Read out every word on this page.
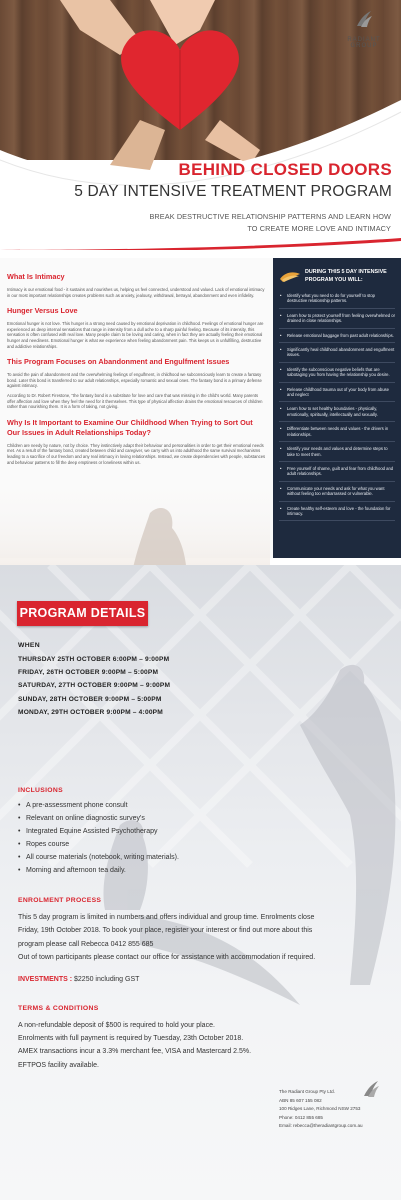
RADIANT GROUP
BEHIND CLOSED DOORS
5 DAY INTENSIVE TREATMENT PROGRAM
BREAK DESTRUCTIVE RELATIONSHIP PATTERNS AND LEARN HOW
TO CREATE MORE LOVE AND INTIMACY
What Is Intimacy

Intimacy is our emotional food - it sustains and nourishes us, helping us feel connected, understood and valued. Lack of emotional intimacy in our most important relationships creates problems such as anxiety, jealousy, withdrawal, betrayal, abandonment and even infidelity.

Hunger Versus Love

Emotional hunger is not love. This hunger is a strong need caused by emotional deprivation in childhood. Feelings of emotional hunger are experienced as deep internal sensations that range in intensity from a dull ache to a sharp painful feeling. Because of its intensity, this sensation is often confused with real love. Many people claim to be loving and caring, when in fact they are actually feeling their emotional hunger and neediness. Emotional hunger is what we experience when feeling abandonment pain. This keeps us in unfulfilling, destructive and addictive relationships.

This Program Focuses on Abandonment and Engulfment Issues

To avoid the pain of abandonment and the overwhelming feelings of engulfment, in childhood we subconsciously learn to create a fantasy bond. Later this bond is transferred to our adult relationships, especially romantic and sexual ones. The fantasy bond is a primary defense against intimacy.

According to Dr. Robert Firestone, "the fantasy bond is a substitute for love and care that was missing in the child's world. Many parents offer affection and love when they feel the need for it themselves. This type of physical affection drains the emotional resources of children rather than nourishing them. It is a form of taking, not giving.

Why Is It Important to Examine Our Childhood When Trying to Sort Out Our Issues in Adult Relationships Today?

Children are needy by nature, not by choice. They instinctively adapt their behaviour and personalities in order to get their emotional needs met. As a result of the fantasy bond, created between child and caregiver, we carry with us into adulthood the same survival mechanisms leading to a sacrifice of our freedom and any real intimacy in loving relationships. Instead, we create dependencies with people, substances and behaviour patterns to fill the deep emptiness or loneliness within us.

DURING THIS 5 DAY INTENSIVE
PROGRAM YOU WILL:
• Identify what you need to do for yourself to stop destructive relationship patterns.
• Learn how to protect yourself from feeling overwhelmed or drained in close relationships.
• Release emotional baggage from past adult relationships.
• Significantly heal childhood abandonment and engulfment issues.
• Identify the subconscious negative beliefs that are sabotaging you from having the relationship you desire.
• Release childhood trauma out of your body from abuse and neglect
• Learn how to set healthy boundaries - physically, emotionally, spiritually, intellectually and sexually.
• Differentiate between needs and values - the drivers in relationships.
• Identify your needs and values and determine steps to take to meet them.
• Free yourself of shame, guilt and fear from childhood and adult relationships.
• Communicate your needs and ask for what you want without feeling too embarrassed or vulnerable.
• Create healthy self-esteem and love - the foundation for intimacy.
PROGRAM DETAILS
WHEN
THURSDAY 25TH OCTOBER 6:00PM – 9:00PM
FRIDAY, 26TH OCTOBER 9:00PM – 5:00PM
SATURDAY, 27TH OCTOBER 9:00PM – 9:00PM
SUNDAY, 28TH OCTOBER 9:00PM – 5:00PM
MONDAY, 29TH OCTOBER 9:00PM – 4:00PM
INCLUSIONS
• A pre-assessment phone consult
• Relevant on online diagnostic survey's
• Integrated Equine Assisted Psychotherapy
• Ropes course
• All course materials (notebook, writing materials).
• Morning and afternoon tea daily.
ENROLMENT PROCESS
This 5 day program is limited in numbers and offers individual and group time. Enrolments close
Friday, 19th October 2018. To book your place, register your interest or find out more about this
program please call Rebecca 0412 855 685
Out of town participants please contact our office for assistance with accommodation if required.
INVESTMENTS : $2250 including GST
TERMS & CONDITIONS
A non-refundable deposit of $500 is required to hold your place.
Enrolments with full payment is required by Tuesday, 23th October 2018.
AMEX transactions incur a 3.3% merchant fee, VISA and Mastercard 2.5%.
EFTPOS facility available.
The Radiant Group Pty Ltd.
ABN 85 607 155 082
100 Ridges Lane, Richmond NSW 2753
Phone: 0412 855 685
Email: rebecca@theradiantgroup.com.au
